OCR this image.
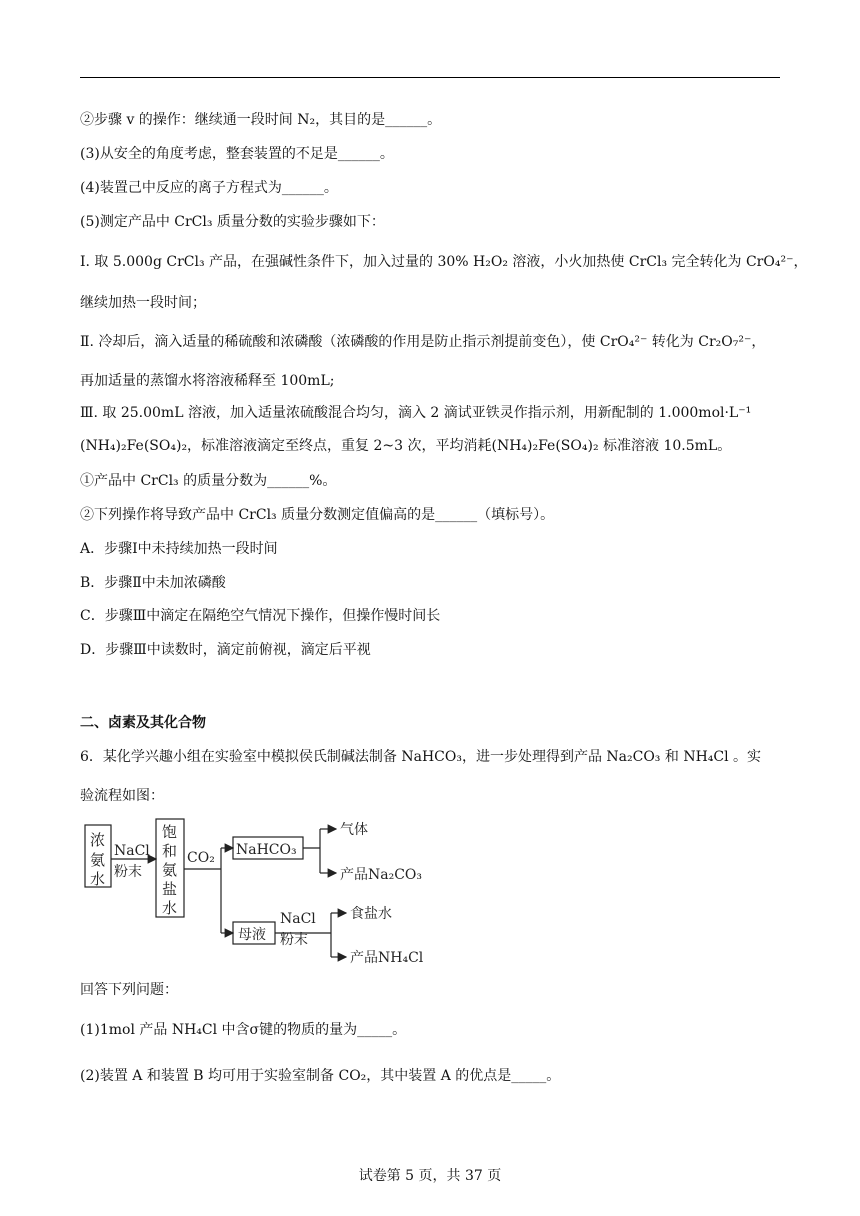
②步骤 v 的操作：继续通一段时间 N₂，其目的是______。
(3)从安全的角度考虑，整套装置的不足是______。
(4)装置己中反应的离子方程式为______。
(5)测定产品中 CrCl₃ 质量分数的实验步骤如下：
Ⅰ. 取 5.000g CrCl₃ 产品，在强碱性条件下，加入过量的 30% H₂O₂ 溶液，小火加热使 CrCl₃ 完全转化为 CrO₄²⁻，
继续加热一段时间；
Ⅱ. 冷却后，滴入适量的稀硫酸和浓磷酸（浓磷酸的作用是防止指示剂提前变色），使 CrO₄²⁻ 转化为 Cr₂O₇²⁻，
再加适量的蒸馏水将溶液稀释至 100mL;
Ⅲ. 取 25.00mL 溶液，加入适量浓硫酸混合均匀，滴入 2 滴试亚铁灵作指示剂，用新配制的 1.000mol·L⁻¹
(NH₄)₂Fe(SO₄)₂，标准溶液滴定至终点，重复 2~3 次，平均消耗(NH₄)₂Fe(SO₄)₂ 标准溶液 10.5mL。
①产品中 CrCl₃ 的质量分数为______%。
②下列操作将导致产品中 CrCl₃ 质量分数测定值偏高的是______（填标号）。
A．步骤Ⅰ中未持续加热一段时间
B．步骤Ⅱ中未加浓磷酸
C．步骤Ⅲ中滴定在隔绝空气情况下操作，但操作慢时间长
D．步骤Ⅲ中读数时，滴定前俯视，滴定后平视
二、卤素及其化合物
6．某化学兴趣小组在实验室中模拟侯氏制碱法制备 NaHCO₃，进一步处理得到产品 Na₂CO₃ 和 NH₄Cl 。实
验流程如图：
浓
氨
水
NaCl
粉末
饱
和
氨
盐
水
CO₂ NaHCO₃
气体
产品Na₂CO₃
母液
NaCl
粉末
食盐水
产品NH₄Cl
回答下列问题：
(1)1mol 产品 NH₄Cl 中含σ键的物质的量为_____。
(2)装置 A 和装置 B 均可用于实验室制备 CO₂，其中装置 A 的优点是_____。
试卷第 5 页，共 37 页
